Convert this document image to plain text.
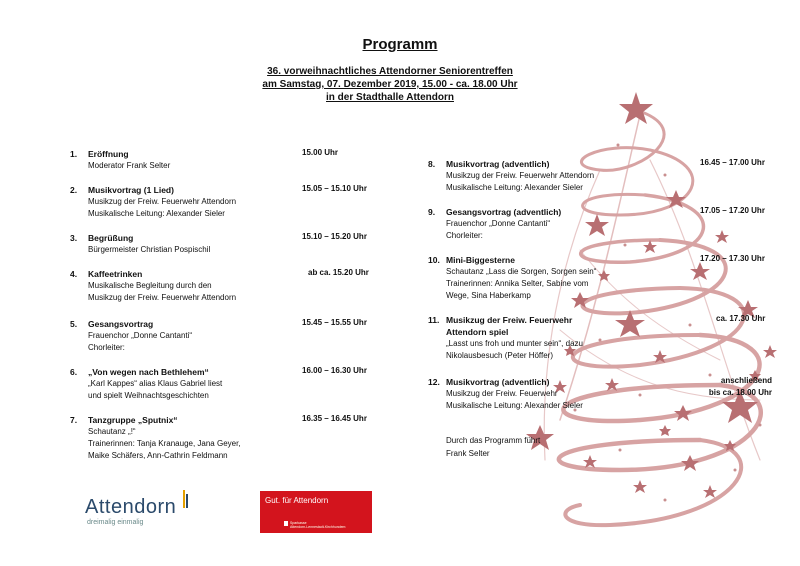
Programm
36. vorweihnachtliches Attendorner Seniorentreffen
am Samstag, 07. Dezember 2019, 15.00 - ca. 18.00 Uhr
in der Stadthalle Attendorn
1.	Eröffnung
Moderator Frank Selter
15.00 Uhr
2.	Musikvortrag (1 Lied)
Musikzug der Freiw. Feuerwehr Attendorn
Musikalische Leitung: Alexander Sieler
15.05 – 15.10 Uhr
3.	Begrüßung
Bürgermeister Christian Pospischil
15.10 – 15.20 Uhr
4.	Kaffeetrinken
Musikalische Begleitung durch den
Musikzug der Freiw. Feuerwehr Attendorn
ab ca. 15.20 Uhr
5.	Gesangsvortrag
Frauenchor „Donne Cantanti“
Chorleiter:
15.45 – 15.55 Uhr
6.	„Von wegen nach Bethlehem“
„Karl Kappes“ alias Klaus Gabriel liest
und spielt Weihnachtsgeschichten
16.00 – 16.30 Uhr
7.	Tanzgruppe „Sputnix“
Schautanz „!“
Trainerinnen: Tanja Kranauge, Jana Geyer,
Maike Schäfers, Ann-Cathrin Feldmann
16.35 – 16.45 Uhr
8.	Musikvortrag (adventlich)
Musikzug der Freiw. Feuerwehr Attendorn
Musikalische Leitung: Alexander Sieler
16.45 – 17.00 Uhr
9.	Gesangsvortrag (adventlich)
Frauenchor „Donne Cantanti“
Chorleiter:
17.05 – 17.20 Uhr
10. Mini-Biggesterne
Schautanz „Lass die Sorgen, Sorgen sein“
Trainerinnen: Annika Selter, Sabine vom
Wege, Sina Haberkamp
17.20 – 17.30 Uhr
11. Musikzug der Freiw. Feuerwehr
Attendorn spiel
„Lasst uns froh und munter sein“, dazu
Nikolausbesuch (Peter Höffer)
ca. 17.30 Uhr
12. Musikvortrag (adventlich)
Musikzug der Freiw. Feuerwehr
Musikalische Leitung: Alexander Sieler
anschließend
bis ca. 18.00 Uhr
Durch das Programm führt
Frank Selter
Attendorn
dreimalig einmalig
Gut. für Attendorn
Sparkasse
Attendorn-Lennestadt-Kirchhundem
